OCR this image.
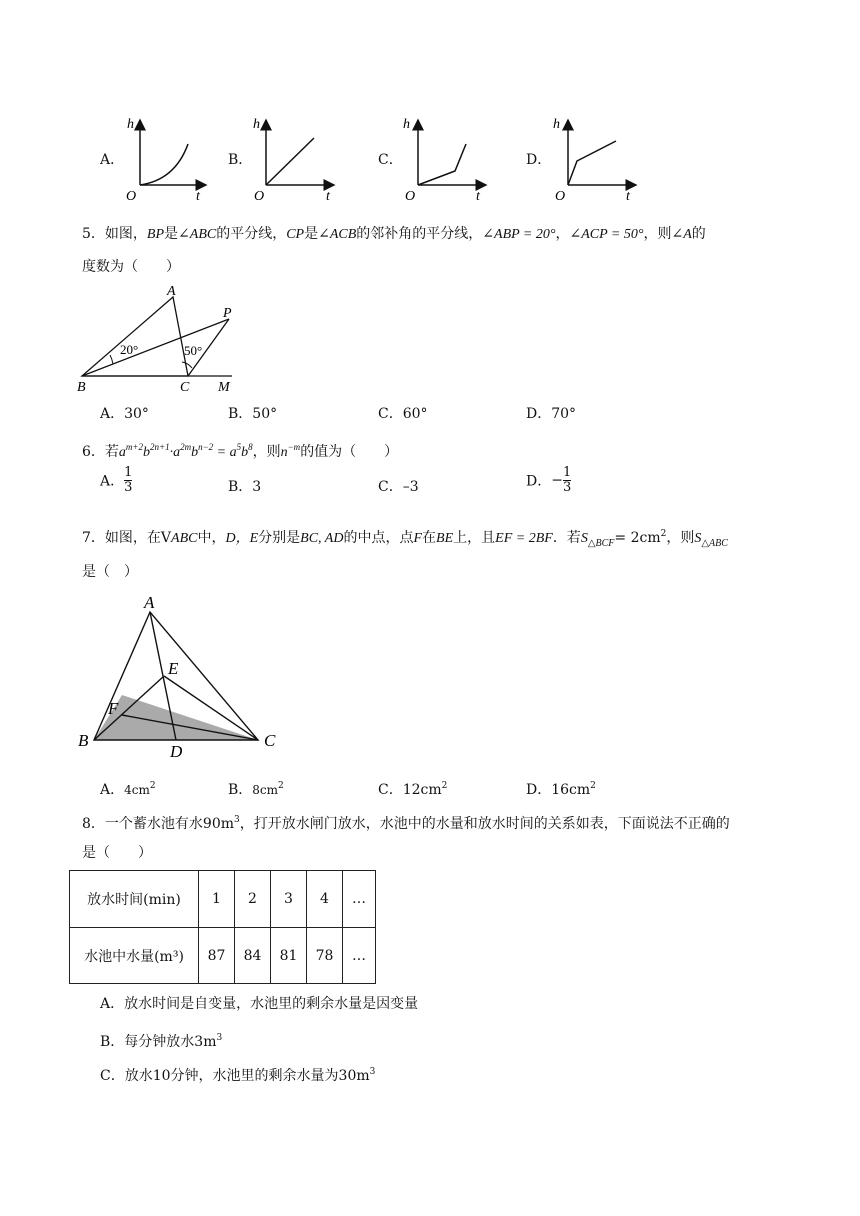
A．	B．	C．	D．
h
O	t
h
O	t
h
O	t
h
O	t
5．如图，BP是∠ABC的平分线，CP是∠ACB的邻补角的平分线，∠ABP = 20°，∠ACP = 50°，则∠A的
度数为（　　）
A
P
B	C M
20°	50°
A．30°	B．50°	C．60°	D．70°
6．若$a^{m+2}b^{2n+1}\cdot a^{2m}b^{n-2} = a^5b^8$，则$n^{-m}$的值为（　　）
A．$\frac{1}{3}$	B．3	C．–3	D．$-\frac{1}{3}$
7．如图，在VABC中，D，E分别是BC, AD的中点，点F在BE上，且EF = 2BF．若$S_{\triangle BCF}= 2cm^2$，则$S_{\triangle ABC}$
是（　）
A
E
F
B
D
C
A．$4cm^2$	B．$8cm^2$	C．$12cm^2$	D．$16cm^2$
8．一个蓄水池有水$90m^3$，打开放水闸门放水，水池中的水量和放水时间的关系如表，下面说法不正确的
是（　　）
放水时间(min)	1	2	3	4	…
水池中水量(m³)	87	84	81	78	…
A．放水时间是自变量，水池里的剩余水量是因变量
B．每分钟放水$3m^3$
C．放水10分钟，水池里的剩余水量为$30m^3$
